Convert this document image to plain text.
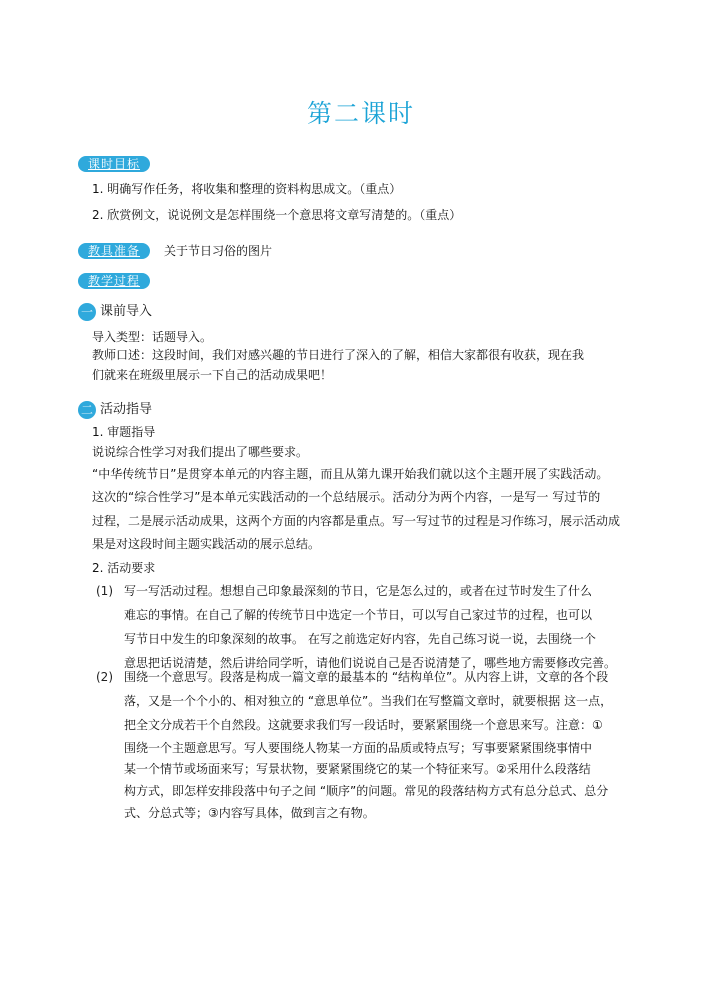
第二课时
课时目标
1. 明确写作任务，将收集和整理的资料构思成文。（重点）
2. 欣赏例文，说说例文是怎样围绕一个意思将文章写清楚的。（重点）
教具准备	关于节日习俗的图片
教学过程
一 课前导入
导入类型：话题导入。
教师口述：这段时间，我们对感兴趣的节日进行了深入的了解，相信大家都很有收获，现在我
们就来在班级里展示一下自己的活动成果吧！
二 活动指导
1. 审题指导
说说综合性学习对我们提出了哪些要求。
“中华传统节日”是贯穿本单元的内容主题，而且从第九课开始我们就以这个主题开展了实践活动。
这次的“综合性学习”是本单元实践活动的一个总结展示。活动分为两个内容，一是写一 写过节的
过程，二是展示活动成果，这两个方面的内容都是重点。写一写过节的过程是习作练习，展示活动成
果是对这段时间主题实践活动的展示总结。
2. 活动要求
(1) 写一写活动过程。想想自己印象最深刻的节日，它是怎么过的，或者在过节时发生了什么
难忘的事情。在自己了解的传统节日中选定一个节日，可以写自己家过节的过程，也可以
写节日中发生的印象深刻的故事。 在写之前选定好内容，先自己练习说一说，去围绕一个
意思把话说清楚，然后讲给同学听，请他们说说自己是否说清楚了，哪些地方需要修改完善。
(2) 围绕一个意思写。段落是构成一篇文章的最基本的 “结构单位”。从内容上讲，文章的各个段
落，又是一个个小的、相对独立的 “意思单位”。当我们在写整篇文章时，就要根据 这一点，
把全文分成若干个自然段。这就要求我们写一段话时，要紧紧围绕一个意思来写。注意：①
围绕一个主题意思写。写人要围绕人物某一方面的品质或特点写；写事要紧紧围绕事情中
某一个情节或场面来写；写景状物，要紧紧围绕它的某一个特征来写。②采用什么段落结
构方式，即怎样安排段落中句子之间 “顺序”的问题。常见的段落结构方式有总分总式、总分
式、分总式等；③内容写具体，做到言之有物。
